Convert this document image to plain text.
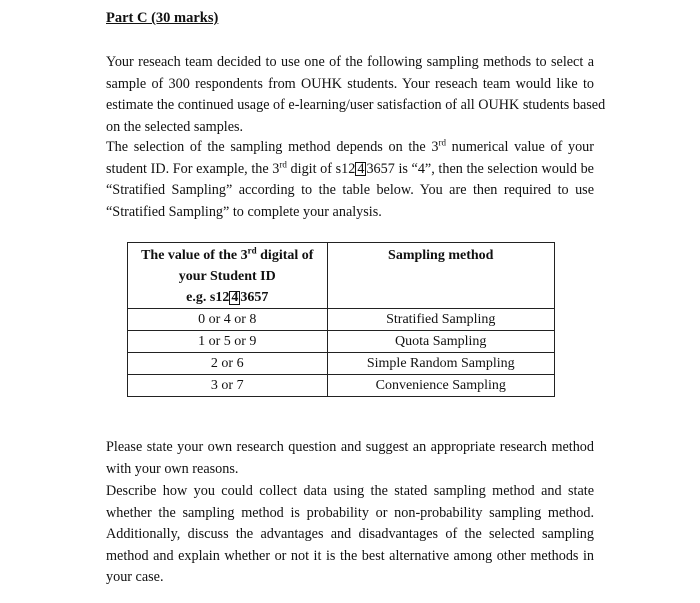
Part C (30 marks)
Your reseach team decided to use one of the following sampling methods to select a
sample of 300 respondents from OUHK students. Your reseach team would like to
estimate the continued usage of e-learning/user satisfaction of all OUHK students based
on the selected samples.
The selection of the sampling method depends on the 3rd numerical value of your
student ID. For example, the 3rd digit of s12 4 3657 is “4”, then the selection would be
“Stratified Sampling” according to the table below. You are then required to use
“Stratified Sampling” to complete your analysis.
The value of the 3rd digital of
your Student ID
e.g. s12 4 3657	Sampling method
0 or 4 or 8	Stratified Sampling
1 or 5 or 9	Quota Sampling
2 or 6	Simple Random Sampling
3 or 7	Convenience Sampling
Please state your own research question and suggest an appropriate research method
with your own reasons.
Describe how you could collect data using the stated sampling method and state
whether the sampling method is probability or non-probability sampling method.
Additionally, discuss the advantages and disadvantages of the selected sampling
method and explain whether or not it is the best alternative among other methods in
your case.
